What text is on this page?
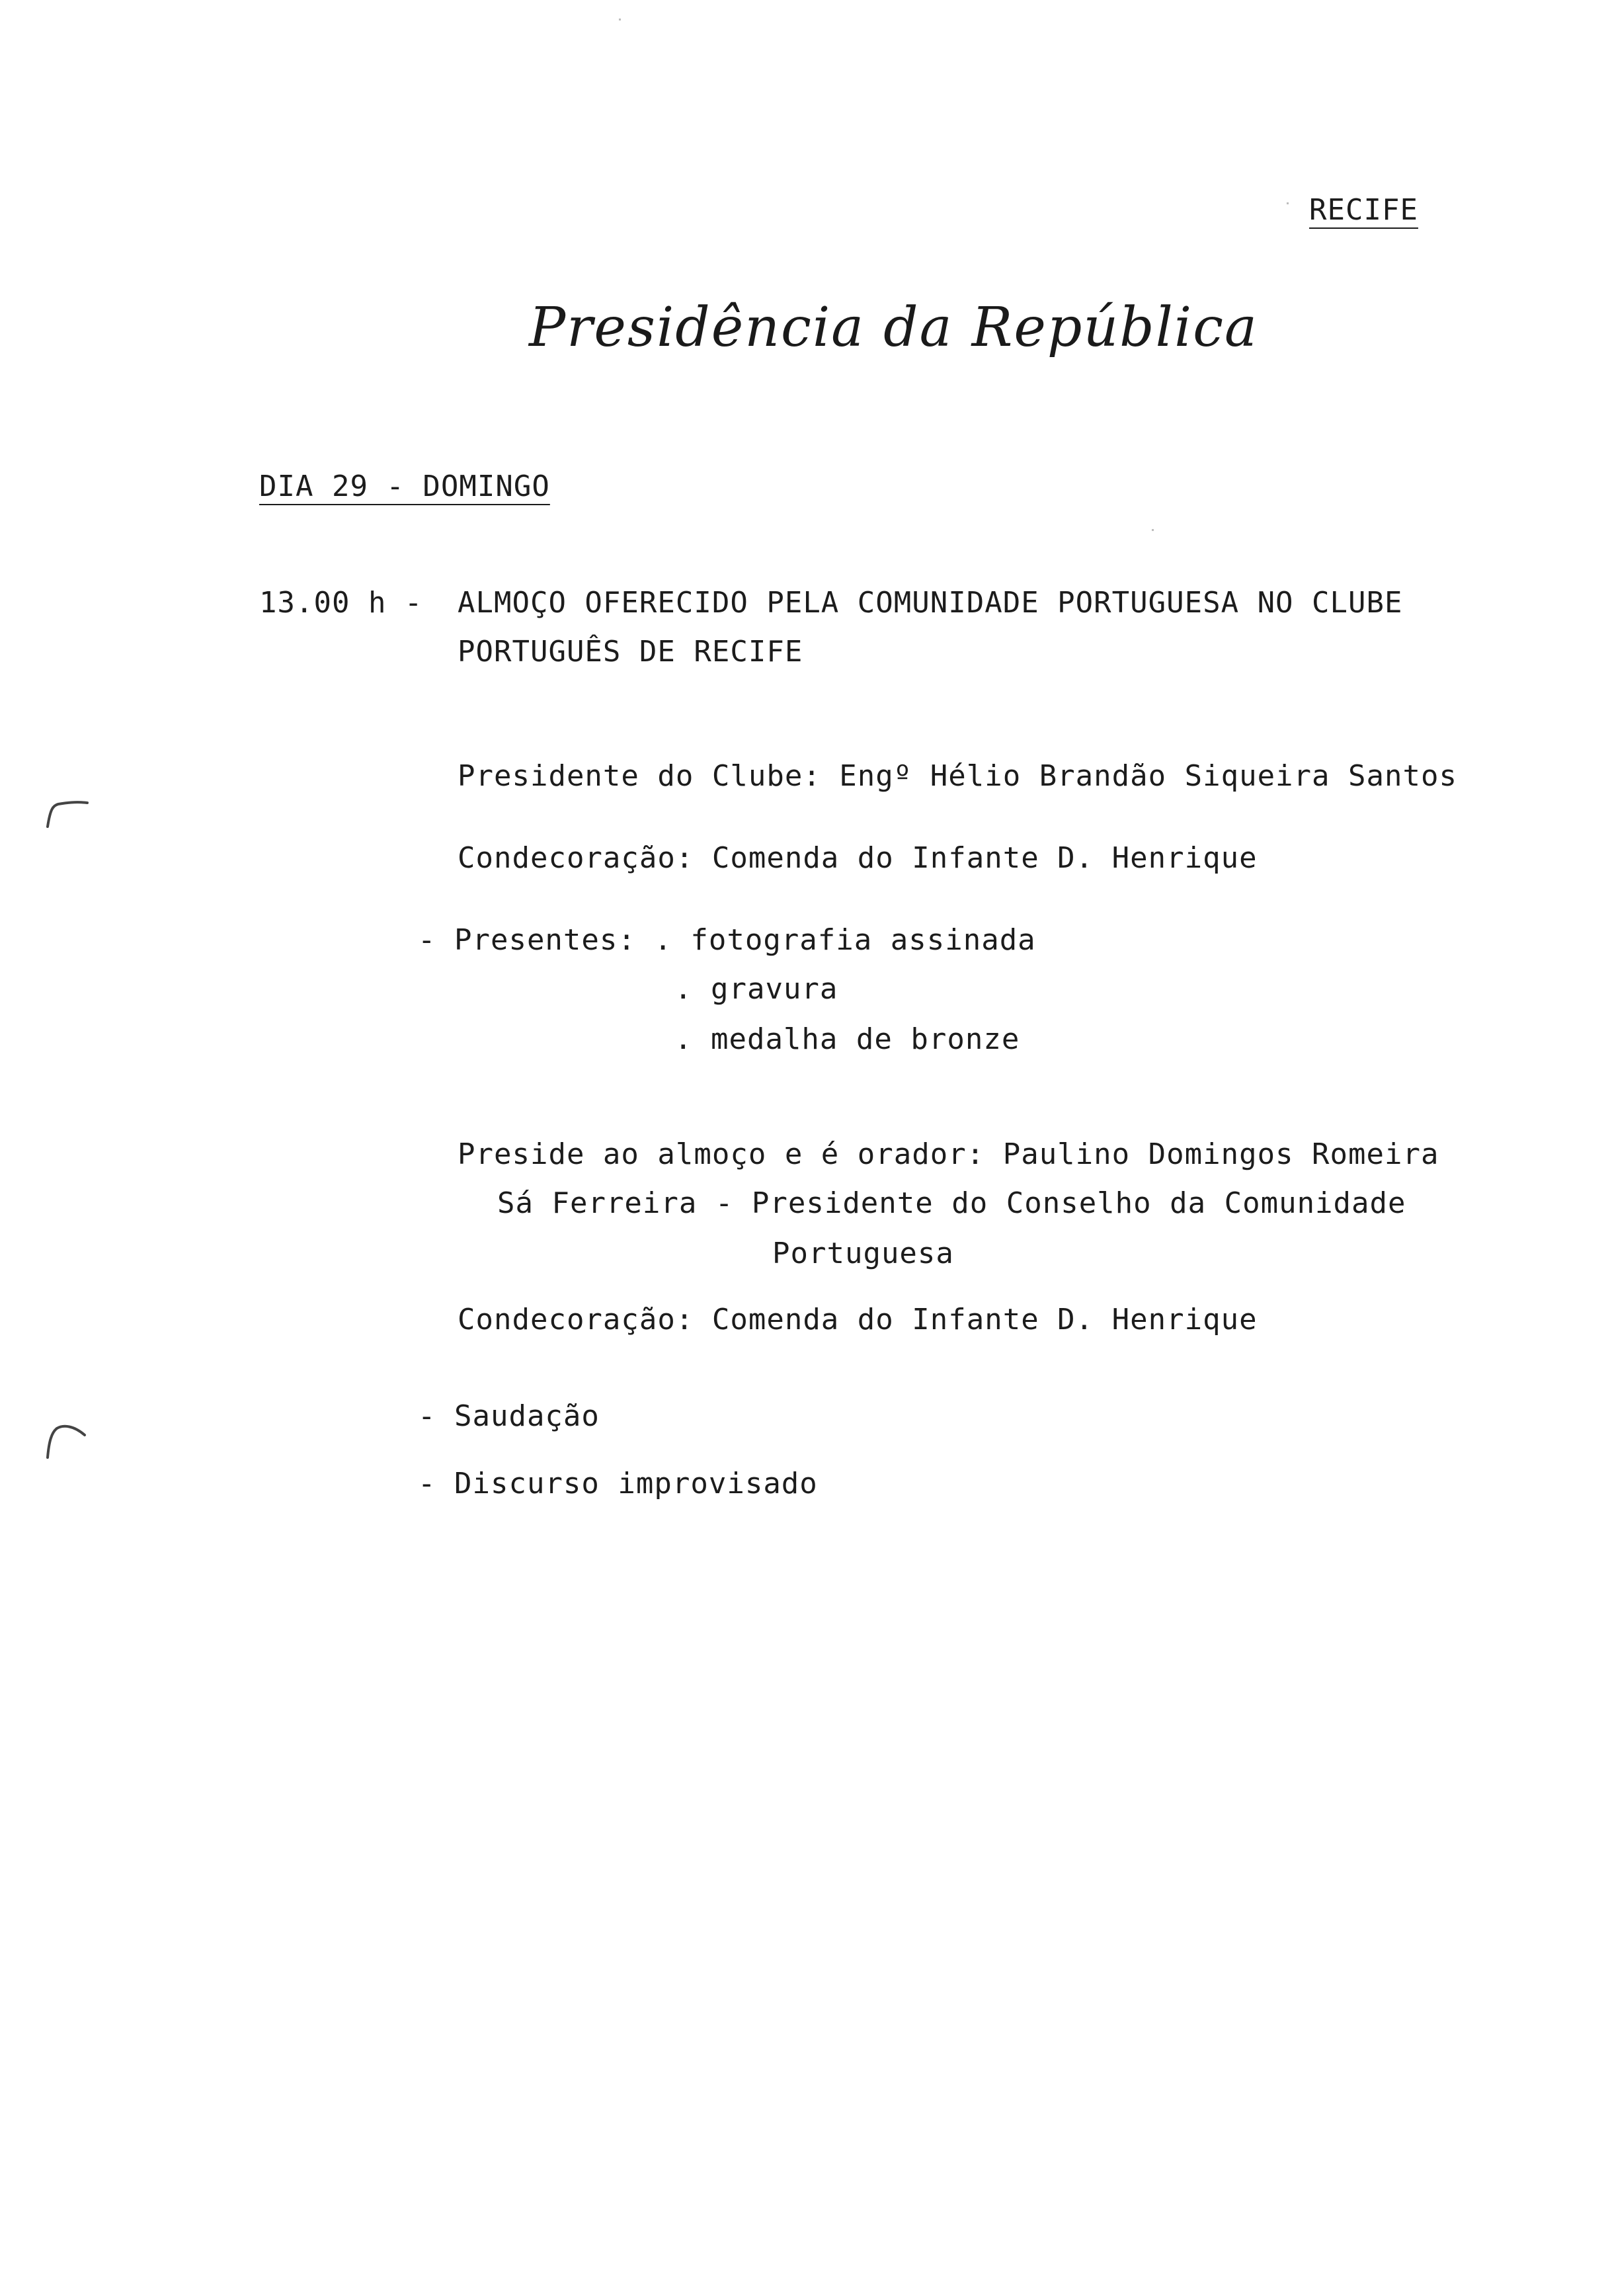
RECIFE
Presidência da República
DIA 29 - DOMINGO
13.00 h - ALMOÇO OFERECIDO PELA COMUNIDADE PORTUGUESA NO CLUBE
PORTUGUÊS DE RECIFE
Presidente do Clube: Engº Hélio Brandão Siqueira Santos
Condecoração: Comenda do Infante D. Henrique
- Presentes: . fotografia assinada
. gravura
. medalha de bronze
Preside ao almoço e é orador: Paulino Domingos Romeira
Sá Ferreira - Presidente do Conselho da Comunidade
Portuguesa
Condecoração: Comenda do Infante D. Henrique
- Saudação
- Discurso improvisado
